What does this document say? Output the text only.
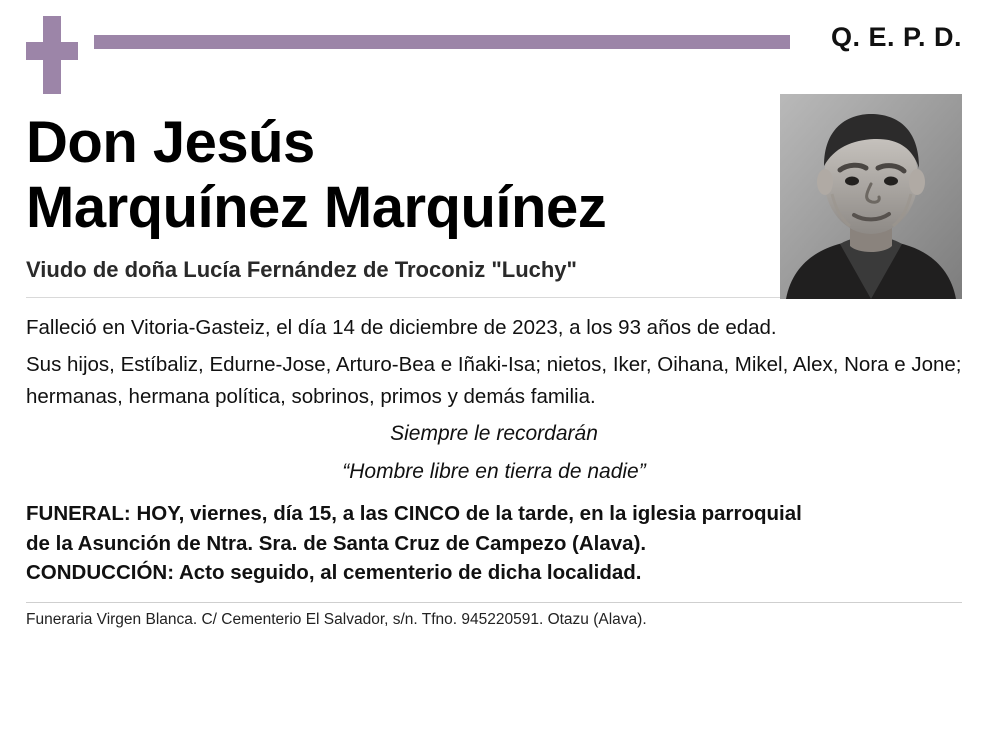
Q. E. P. D.
Don Jesús
Marquínez Marquínez
Viudo de doña Lucía Fernández de Troconiz "Luchy"
Falleció en Vitoria-Gasteiz, el día 14 de diciembre de 2023, a los 93 años de edad.
Sus hijos, Estíbaliz, Edurne-Jose, Arturo-Bea e Iñaki-Isa; nietos, Iker, Oihana, Mikel, Alex, Nora e Jone; hermanas, hermana política, sobrinos, primos y demás familia.
Siempre le recordarán
“Hombre libre en tierra de nadie”
FUNERAL: HOY, viernes, día 15, a las CINCO de la tarde, en la iglesia parroquial
de la Asunción de Ntra. Sra. de Santa Cruz de Campezo (Alava).
CONDUCCIÓN: Acto seguido, al cementerio de dicha localidad.
Funeraria Virgen Blanca. C/ Cementerio El Salvador, s/n. Tfno. 945220591. Otazu (Alava).
